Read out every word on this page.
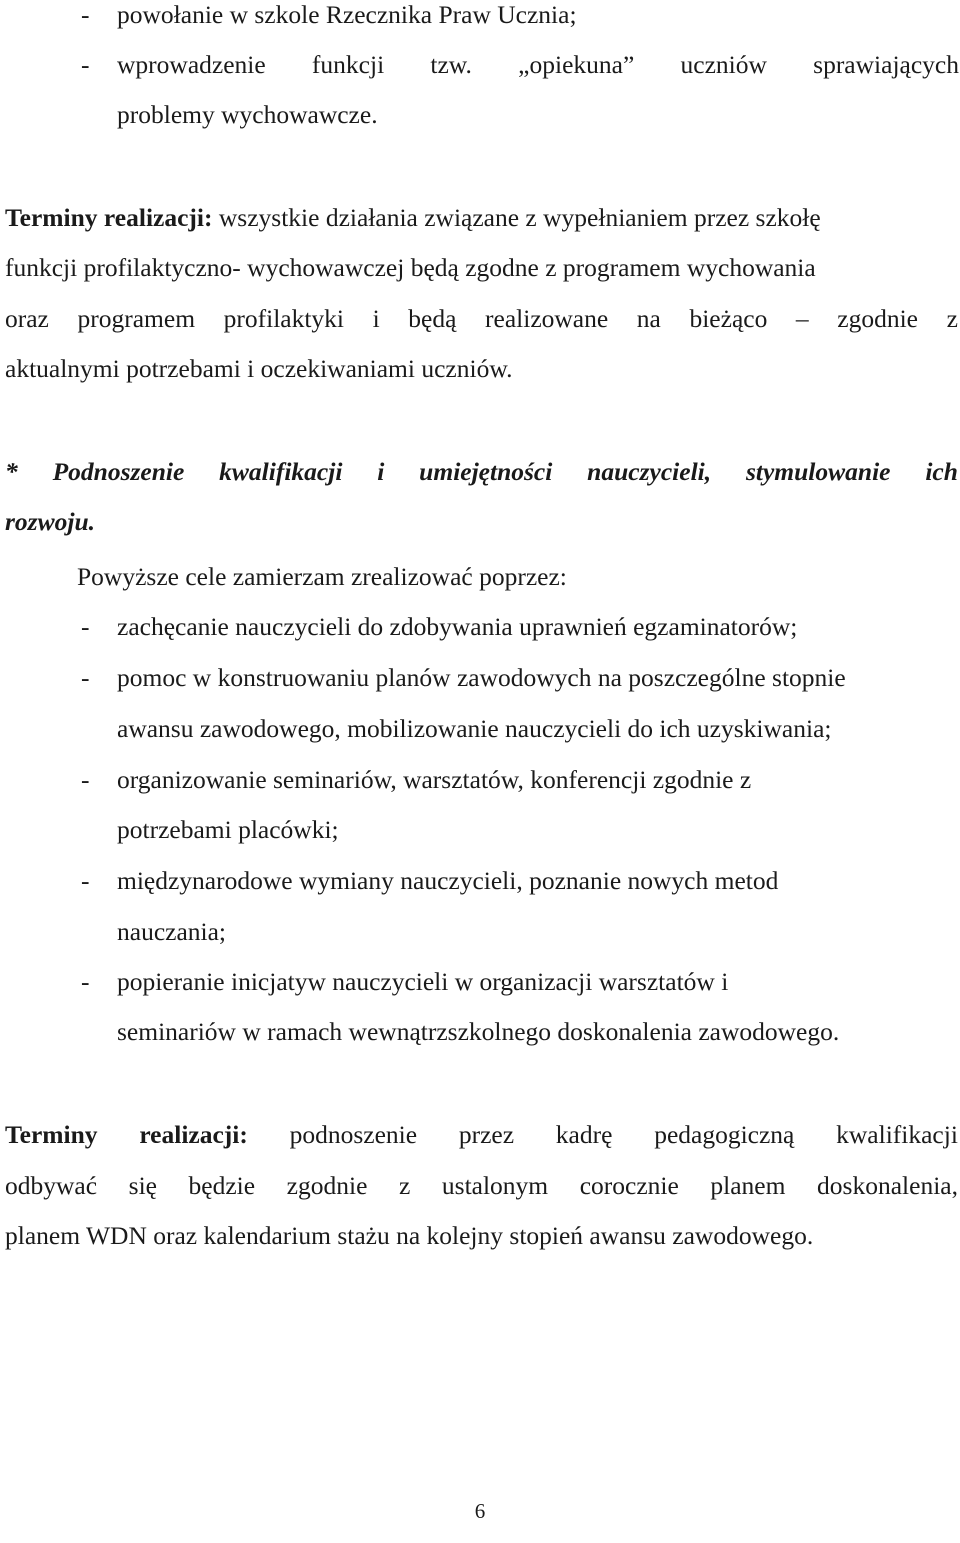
- powołanie w szkole Rzecznika Praw Ucznia;
- wprowadzenie funkcji tzw. „opiekuna” uczniów sprawiających
problemy wychowawcze.
Terminy realizacji: wszystkie działania związane z wypełnianiem przez szkołę
funkcji profilaktyczno- wychowawczej będą zgodne z programem wychowania
oraz programem profilaktyki i będą realizowane na bieżąco – zgodnie z
aktualnymi potrzebami i oczekiwaniami uczniów.
* Podnoszenie kwalifikacji i umiejętności nauczycieli, stymulowanie ich
rozwoju.
Powyższe cele zamierzam zrealizować poprzez:
- zachęcanie nauczycieli do zdobywania uprawnień egzaminatorów;
- pomoc w konstruowaniu planów zawodowych na poszczególne stopnie
awansu zawodowego, mobilizowanie nauczycieli do ich uzyskiwania;
- organizowanie seminariów, warsztatów, konferencji zgodnie z
potrzebami placówki;
- międzynarodowe wymiany nauczycieli, poznanie nowych metod
nauczania;
- popieranie inicjatyw nauczycieli w organizacji warsztatów i
seminariów w ramach wewnątrzszkolnego doskonalenia zawodowego.
Terminy realizacji: podnoszenie przez kadrę pedagogiczną kwalifikacji
odbywać się będzie zgodnie z ustalonym corocznie planem doskonalenia,
planem WDN oraz kalendarium stażu na kolejny stopień awansu zawodowego.
6
